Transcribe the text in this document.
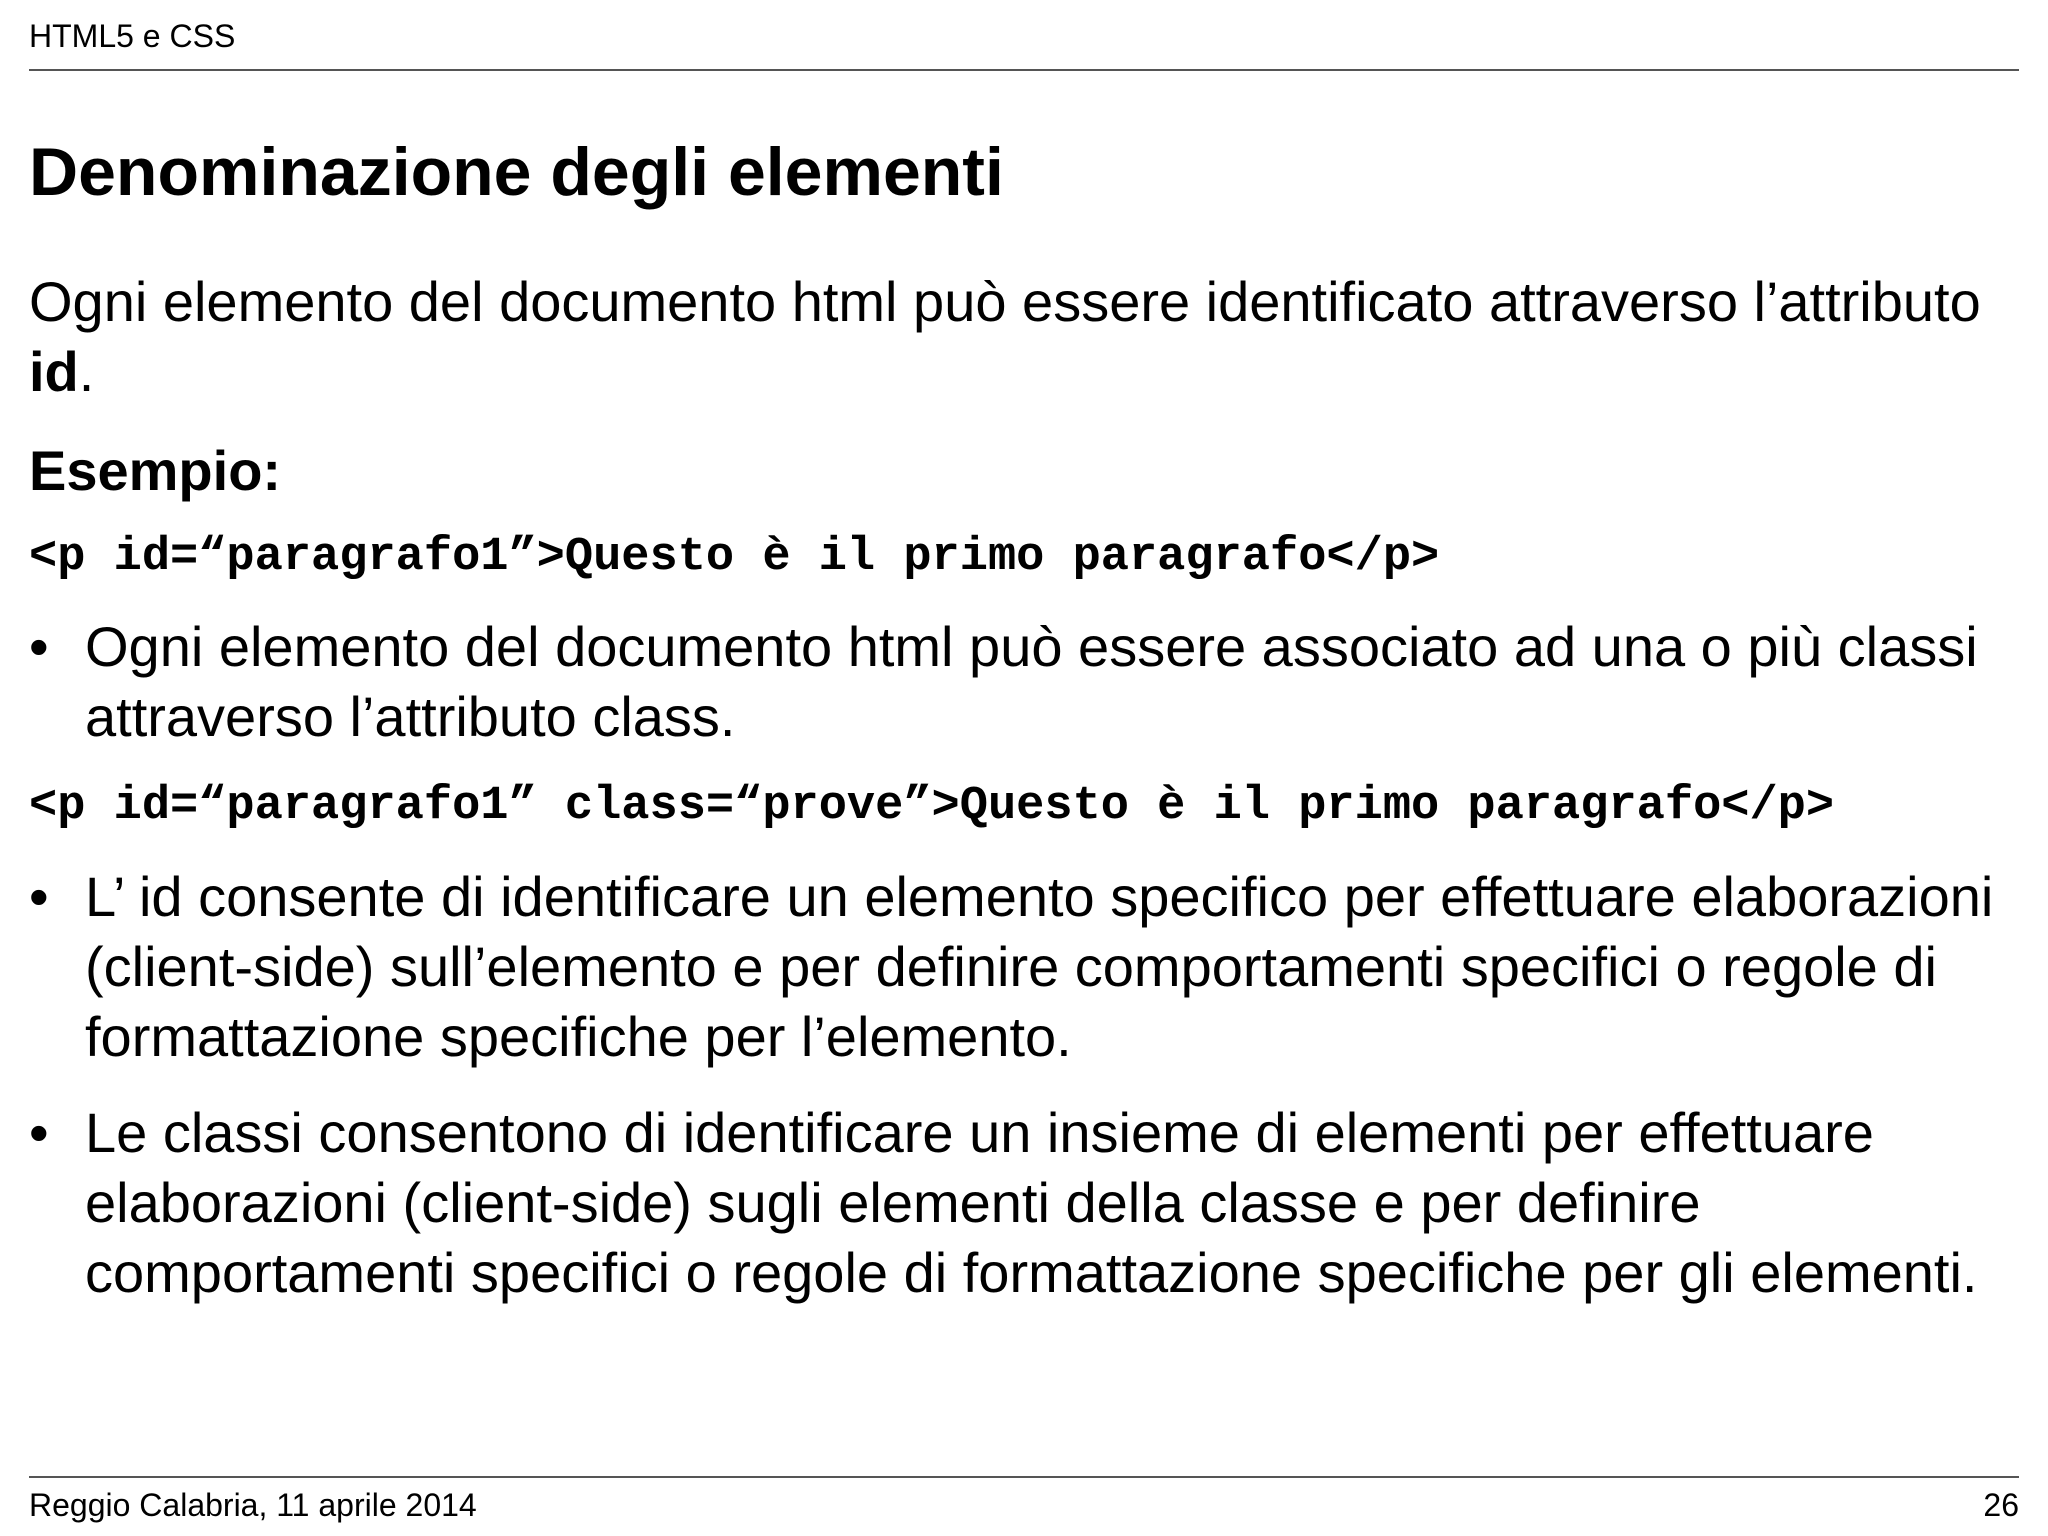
HTML5 e CSS
Denominazione degli elementi

Ogni elemento del documento html può essere identificato attraverso l’attributo id.

Esempio:

<p id=“paragrafo1”>Questo è il primo paragrafo</p>
• Ogni elemento del documento html può essere associato ad una o più classi attraverso l’attributo class.
<p id=“paragrafo1” class=“prove”>Questo è il primo paragrafo</p>
• L’ id consente di identificare un elemento specifico per effettuare elaborazioni (client-side) sull’elemento e per definire comportamenti specifici o regole di formattazione specifiche per l’elemento.
• Le classi consentono di identificare un insieme di elementi per effettuare elaborazioni (client-side) sugli elementi della classe e per definire comportamenti specifici o regole di formattazione specifiche per gli elementi.
Reggio Calabria, 11 aprile 2014	26
